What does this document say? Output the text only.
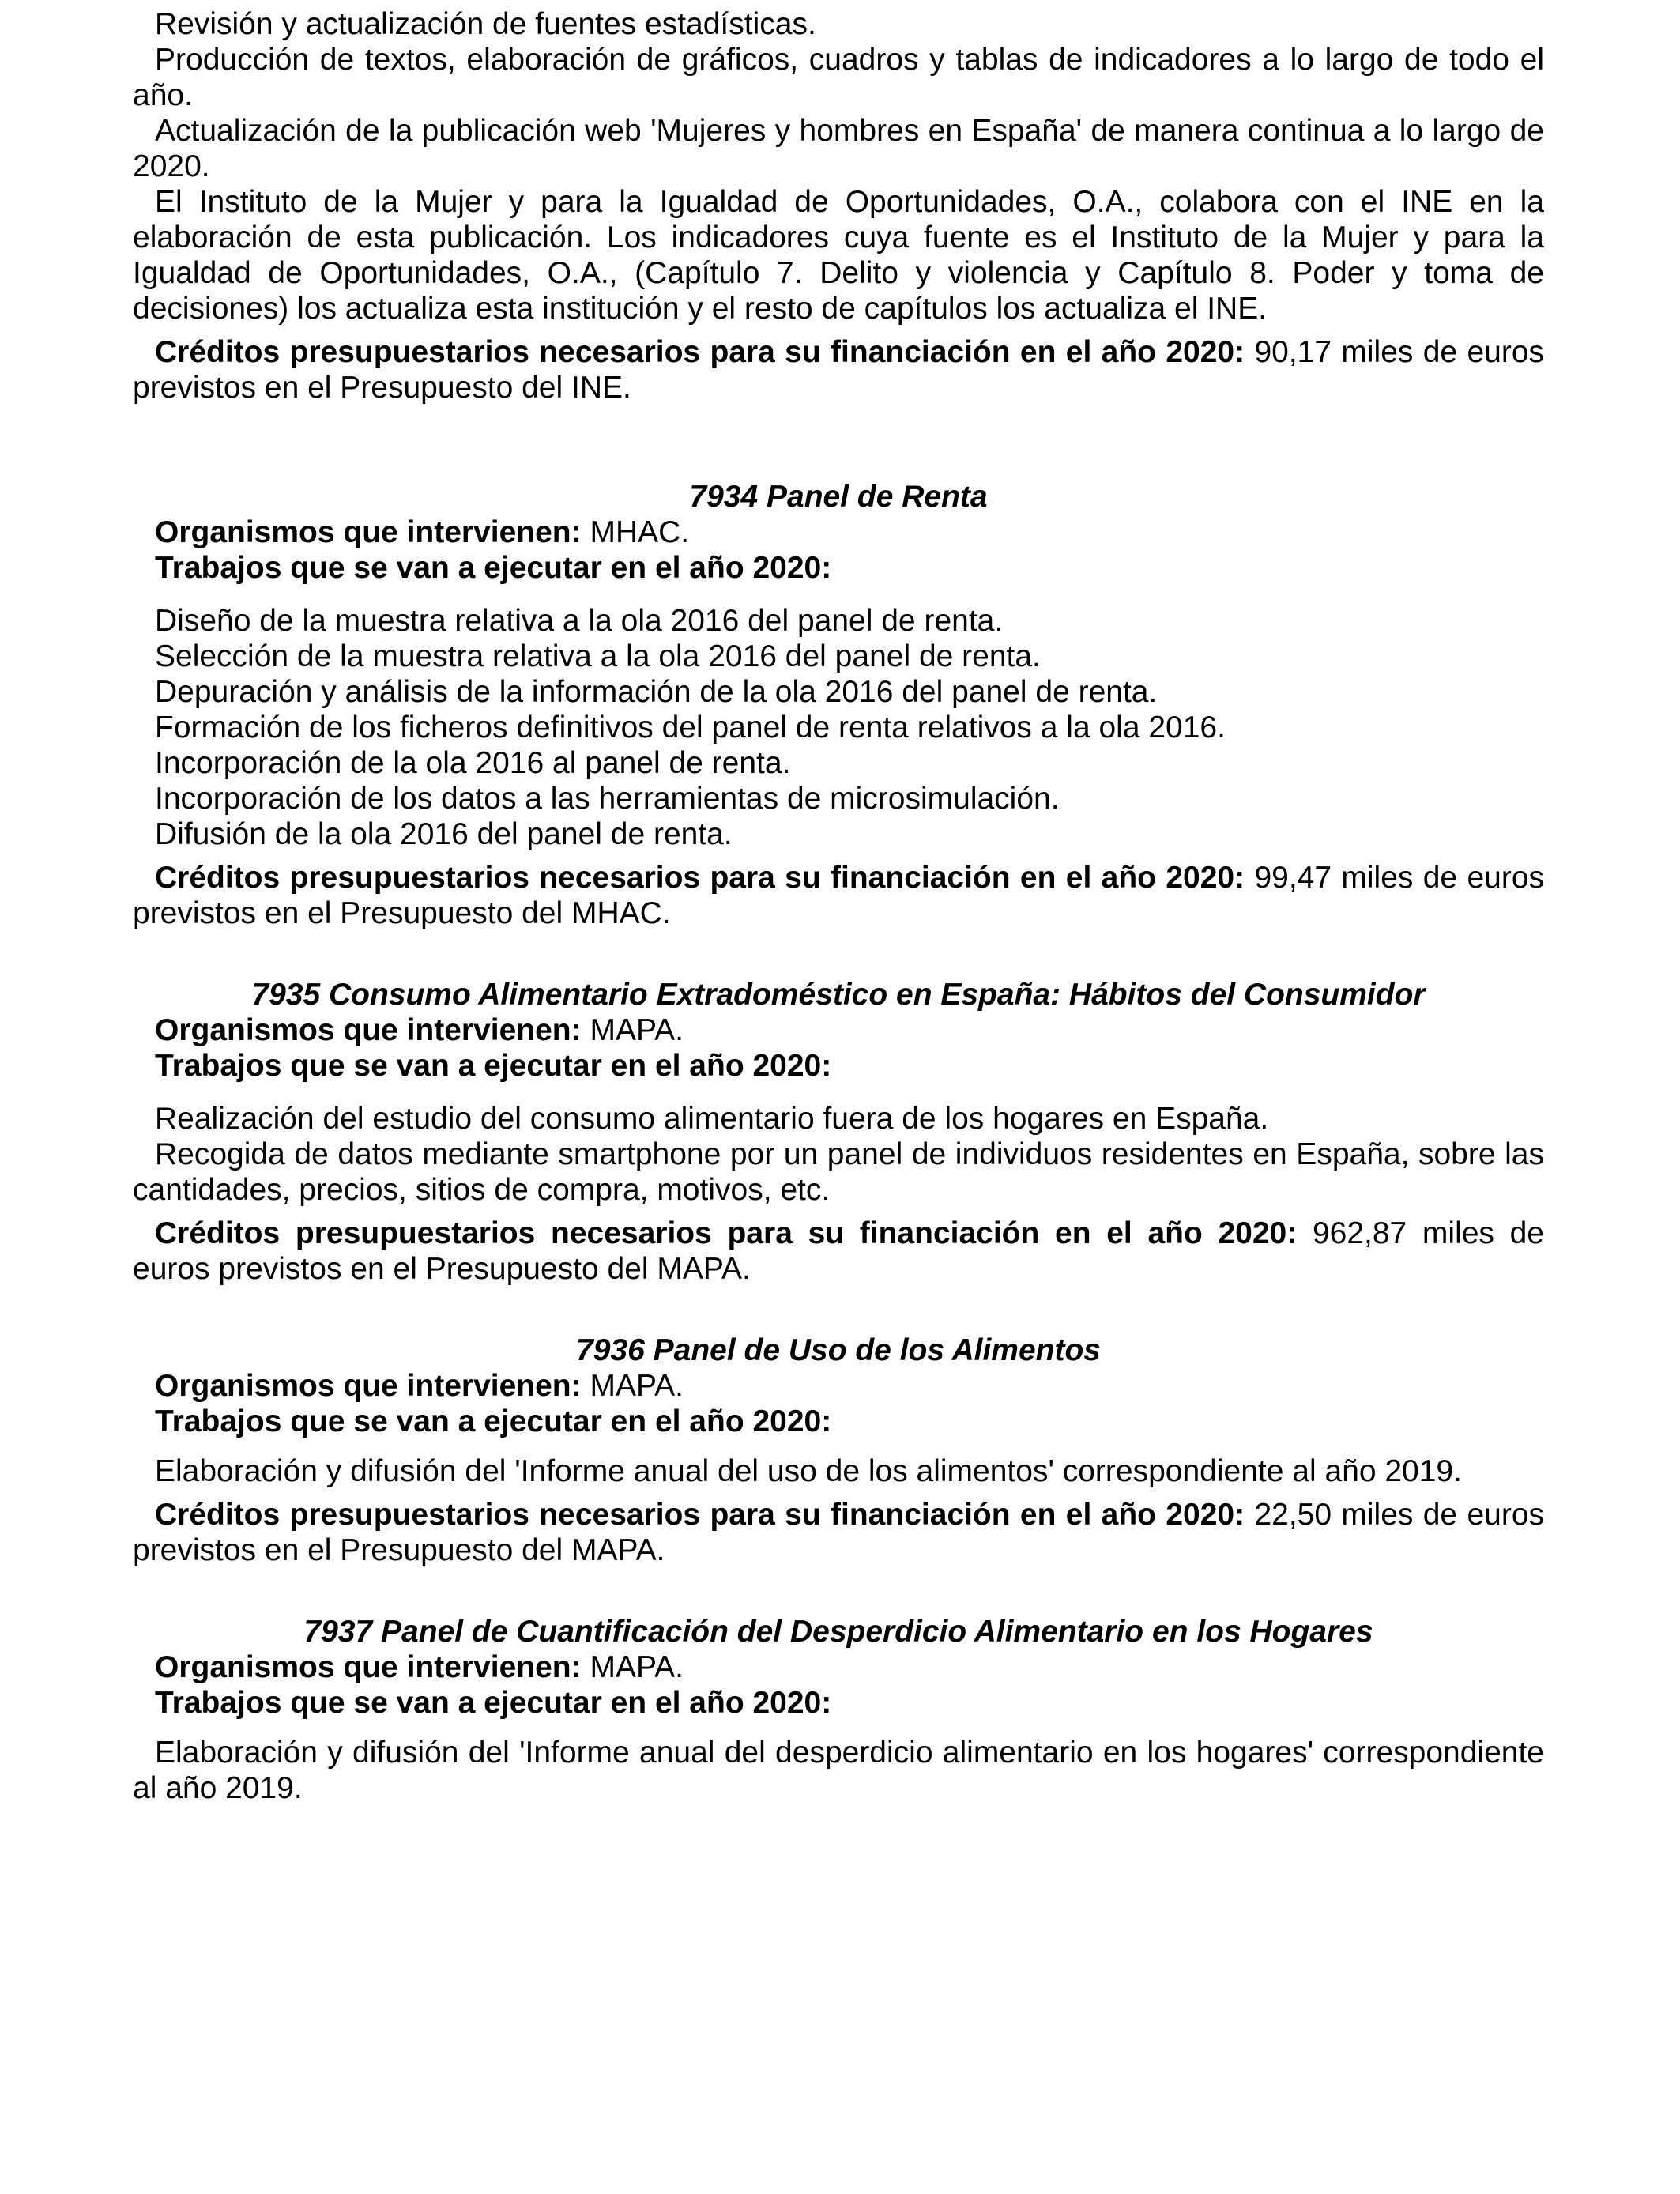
Revisión y actualización de fuentes estadísticas.

Producción de textos, elaboración de gráficos, cuadros y tablas de indicadores a lo largo de todo el año.

Actualización de la publicación web 'Mujeres y hombres en España' de manera continua a lo largo de 2020.

El Instituto de la Mujer y para la Igualdad de Oportunidades, O.A., colabora con el INE en la elaboración de esta publicación. Los indicadores cuya fuente es el Instituto de la Mujer y para la Igualdad de Oportunidades, O.A., (Capítulo 7. Delito y violencia y Capítulo 8. Poder y toma de decisiones) los actualiza esta institución y el resto de capítulos los actualiza el INE.

Créditos presupuestarios necesarios para su financiación en el año 2020: 90,17 miles de euros previstos en el Presupuesto del INE.

7934 Panel de Renta

Organismos que intervienen: MHAC.

Trabajos que se van a ejecutar en el año 2020:

Diseño de la muestra relativa a la ola 2016 del panel de renta.

Selección de la muestra relativa a la ola 2016 del panel de renta.

Depuración y análisis de la información de la ola 2016 del panel de renta.

Formación de los ficheros definitivos del panel de renta relativos a la ola 2016.

Incorporación de la ola 2016 al panel de renta.

Incorporación de los datos a las herramientas de microsimulación.

Difusión de la ola 2016 del panel de renta.

Créditos presupuestarios necesarios para su financiación en el año 2020: 99,47 miles de euros previstos en el Presupuesto del MHAC.

7935 Consumo Alimentario Extradoméstico en España: Hábitos del Consumidor

Organismos que intervienen: MAPA.

Trabajos que se van a ejecutar en el año 2020:

Realización del estudio del consumo alimentario fuera de los hogares en España.

Recogida de datos mediante smartphone por un panel de individuos residentes en España, sobre las cantidades, precios, sitios de compra, motivos, etc.

Créditos presupuestarios necesarios para su financiación en el año 2020: 962,87 miles de euros previstos en el Presupuesto del MAPA.

7936 Panel de Uso de los Alimentos

Organismos que intervienen: MAPA.

Trabajos que se van a ejecutar en el año 2020:

Elaboración y difusión del 'Informe anual del uso de los alimentos' correspondiente al año 2019.

Créditos presupuestarios necesarios para su financiación en el año 2020: 22,50 miles de euros previstos en el Presupuesto del MAPA.

7937 Panel de Cuantificación del Desperdicio Alimentario en los Hogares

Organismos que intervienen: MAPA.

Trabajos que se van a ejecutar en el año 2020:

Elaboración y difusión del 'Informe anual del desperdicio alimentario en los hogares' correspondiente al año 2019.
